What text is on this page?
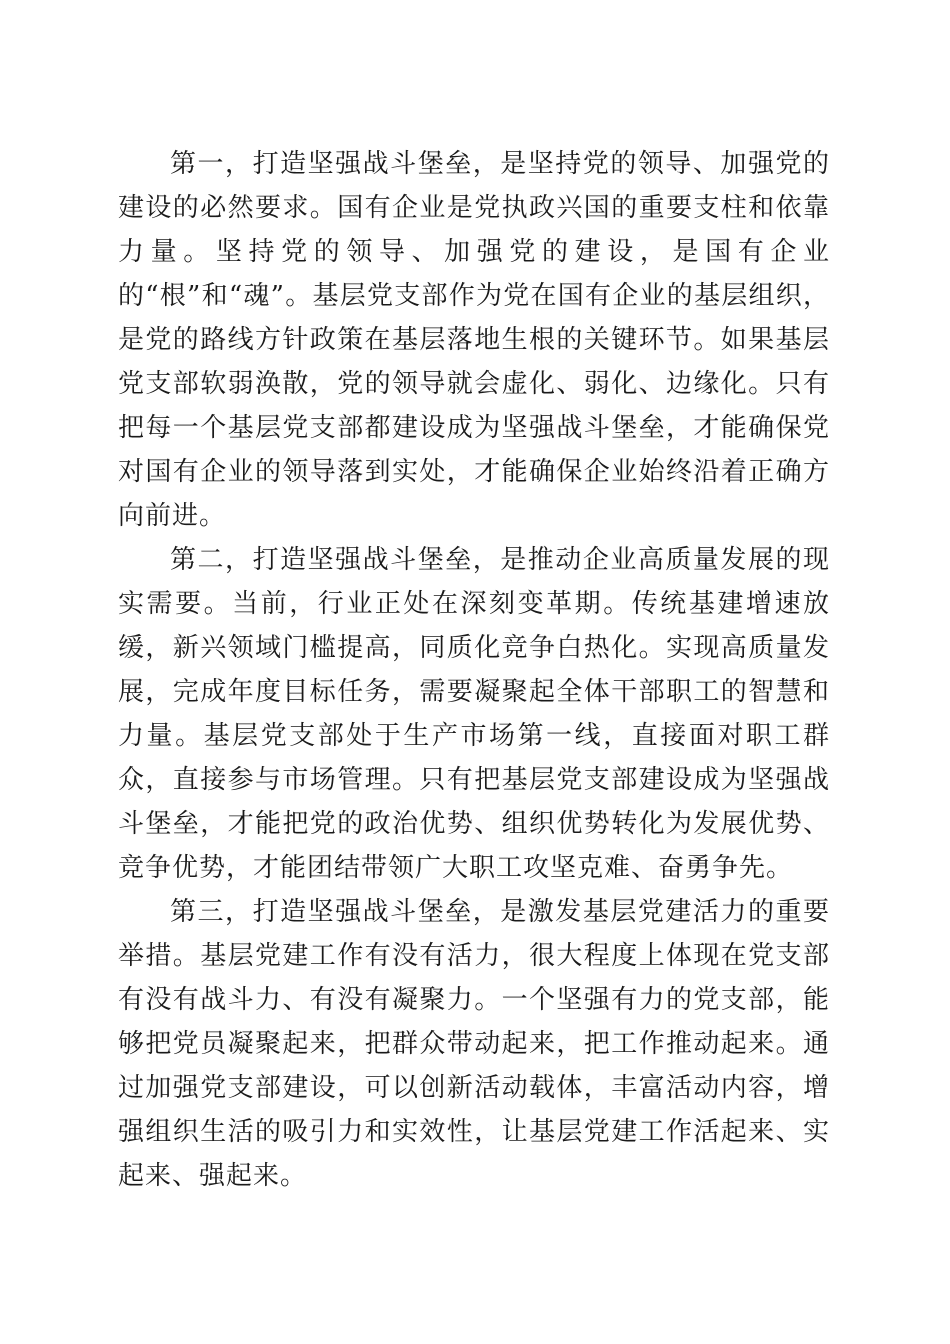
第一，打造坚强战斗堡垒，是坚持党的领导、加强党的建设的必然要求。国有企业是党执政兴国的重要支柱和依靠力量。坚持党的领导、加强党的建设，是国有企业的“根”和“魂”。基层党支部作为党在国有企业的基层组织，是党的路线方针政策在基层落地生根的关键环节。如果基层党支部软弱涣散，党的领导就会虚化、弱化、边缘化。只有把每一个基层党支部都建设成为坚强战斗堡垒，才能确保党对国有企业的领导落到实处，才能确保企业始终沿着正确方向前进。

第二，打造坚强战斗堡垒，是推动企业高质量发展的现实需要。当前，行业正处在深刻变革期。传统基建增速放缓，新兴领域门槛提高，同质化竞争白热化。实现高质量发展，完成年度目标任务，需要凝聚起全体干部职工的智慧和力量。基层党支部处于生产市场第一线，直接面对职工群众，直接参与市场管理。只有把基层党支部建设成为坚强战斗堡垒，才能把党的政治优势、组织优势转化为发展优势、竞争优势，才能团结带领广大职工攻坚克难、奋勇争先。

第三，打造坚强战斗堡垒，是激发基层党建活力的重要举措。基层党建工作有没有活力，很大程度上体现在党支部有没有战斗力、有没有凝聚力。一个坚强有力的党支部，能够把党员凝聚起来，把群众带动起来，把工作推动起来。通过加强党支部建设，可以创新活动载体，丰富活动内容，增强组织生活的吸引力和实效性，让基层党建工作活起来、实起来、强起来。
